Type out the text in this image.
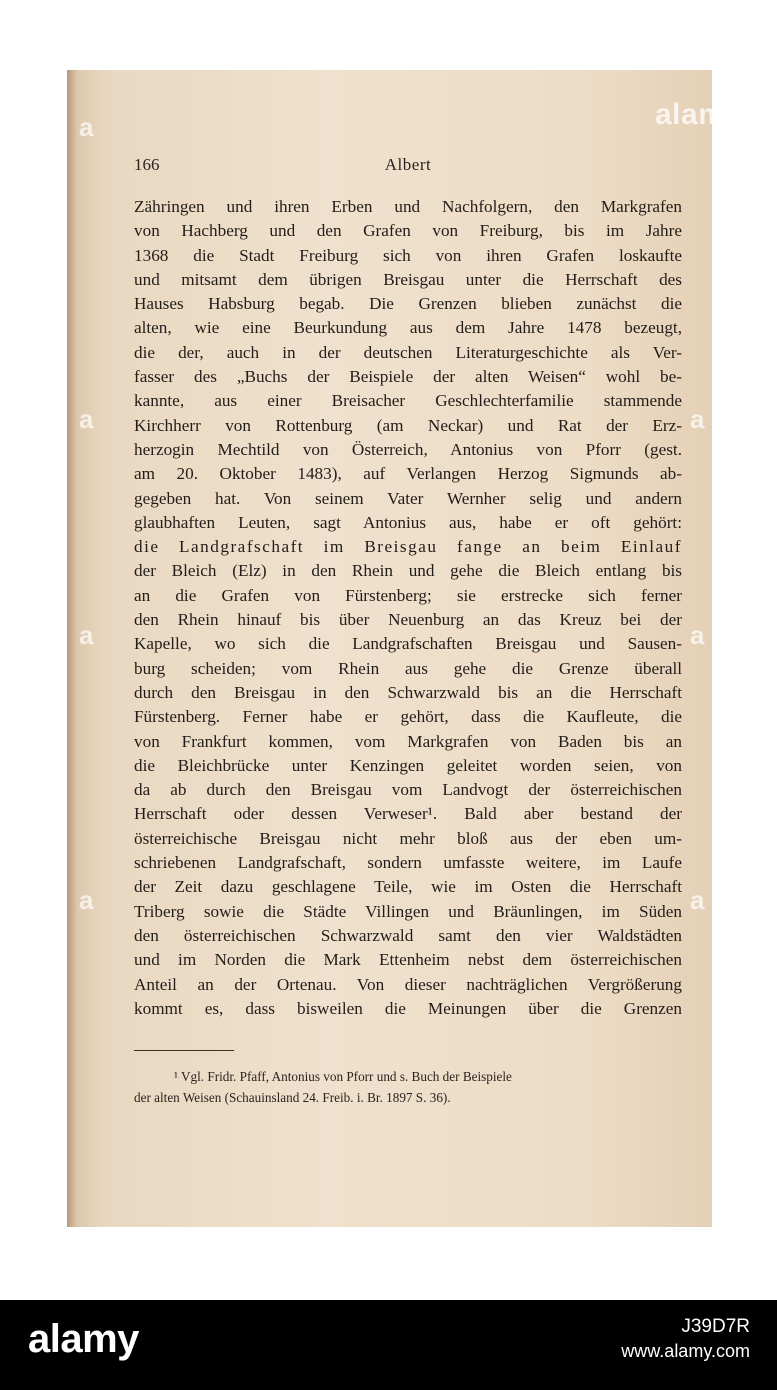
166	Albert
Zähringen und ihren Erben und Nachfolgern, den Markgrafen
von Hachberg und den Grafen von Freiburg, bis im Jahre
1368 die Stadt Freiburg sich von ihren Grafen loskaufte
und mitsamt dem übrigen Breisgau unter die Herrschaft des
Hauses Habsburg begab. Die Grenzen blieben zunächst die
alten, wie eine Beurkundung aus dem Jahre 1478 bezeugt,
die der, auch in der deutschen Literaturgeschichte als Ver-
fasser des „Buchs der Beispiele der alten Weisen“ wohl be-
kannte, aus einer Breisacher Geschlechterfamilie stammende
Kirchherr von Rottenburg (am Neckar) und Rat der Erz-
herzogin Mechtild von Österreich, Antonius von Pforr (gest.
am 20. Oktober 1483), auf Verlangen Herzog Sigmunds ab-
gegeben hat. Von seinem Vater Wernher selig und andern
glaubhaften Leuten, sagt Antonius aus, habe er oft gehört:
die Landgrafschaft im Breisgau fange an beim Einlauf
der Bleich (Elz) in den Rhein und gehe die Bleich entlang bis
an die Grafen von Fürstenberg; sie erstrecke sich ferner
den Rhein hinauf bis über Neuenburg an das Kreuz bei der
Kapelle, wo sich die Landgrafschaften Breisgau und Sausen-
burg scheiden; vom Rhein aus gehe die Grenze überall
durch den Breisgau in den Schwarzwald bis an die Herrschaft
Fürstenberg. Ferner habe er gehört, dass die Kaufleute, die
von Frankfurt kommen, vom Markgrafen von Baden bis an
die Bleichbrücke unter Kenzingen geleitet worden seien, von
da ab durch den Breisgau vom Landvogt der österreichischen
Herrschaft oder dessen Verweser¹. Bald aber bestand der
österreichische Breisgau nicht mehr bloß aus der eben um-
schriebenen Landgrafschaft, sondern umfasste weitere, im Laufe
der Zeit dazu geschlagene Teile, wie im Osten die Herrschaft
Triberg sowie die Städte Villingen und Bräunlingen, im Süden
den österreichischen Schwarzwald samt den vier Waldstädten
und im Norden die Mark Ettenheim nebst dem österreichischen
Anteil an der Ortenau. Von dieser nachträglichen Vergrößerung
kommt es, dass bisweilen die Meinungen über die Grenzen
¹ Vgl. Fridr. Pfaff, Antonius von Pforr und s. Buch der Beispiele
der alten Weisen (Schauinsland 24. Freib. i. Br. 1897 S. 36).
alam
a
a
a
a
a
a
a
alamy	J39D7R
www.alamy.com
